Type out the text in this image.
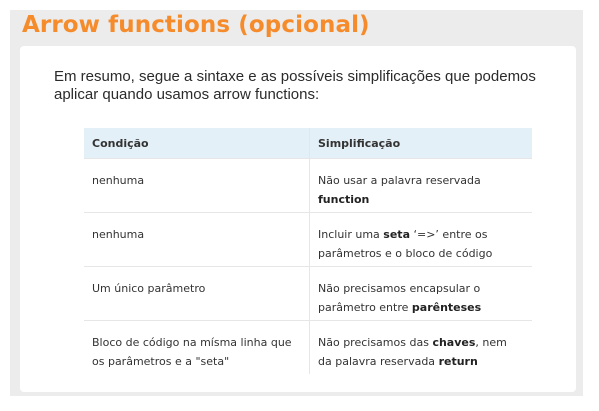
Arrow functions (opcional)

Em resumo, segue a sintaxe e as possíveis simplificações que podemos aplicar quando usamos arrow functions:

Condição	Simplificação
nenhuma	Não usar a palavra reservada function
nenhuma	Incluir uma seta ‘=>’ entre os parâmetros e o bloco de código
Um único parâmetro	Não precisamos encapsular o parâmetro entre parênteses
Bloco de código na mísma linha que os parâmetros e a "seta"	Não precisamos das chaves, nem da palavra reservada return
